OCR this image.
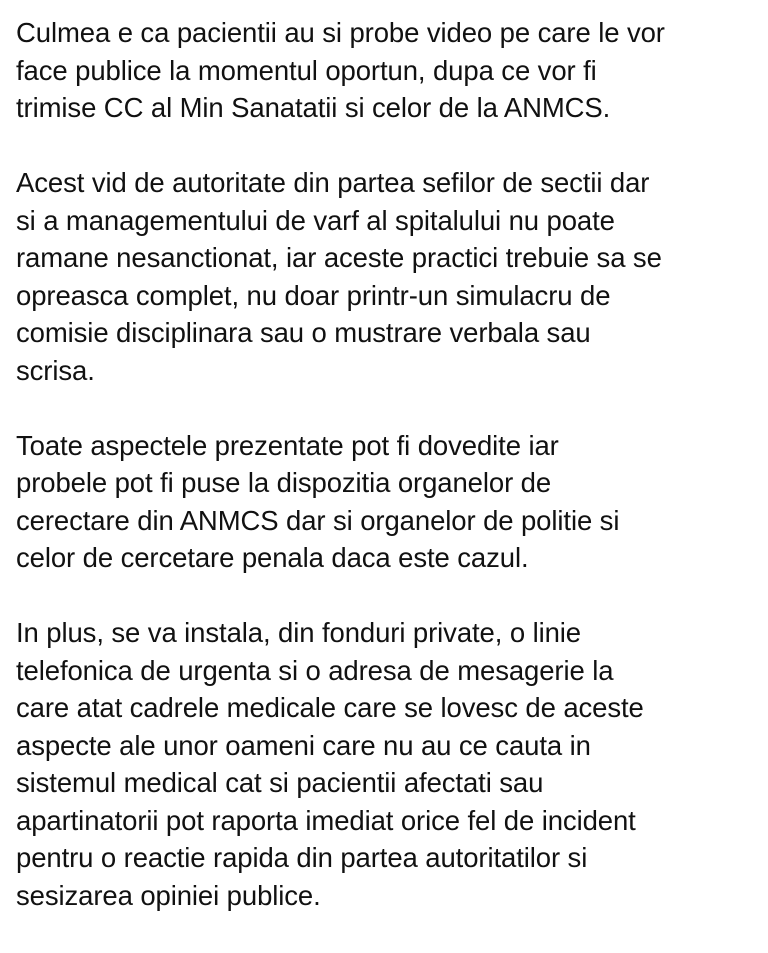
Culmea e ca pacientii au si probe video pe care le vor
face publice la momentul oportun, dupa ce vor fi
trimise CC al Min Sanatatii si celor de la ANMCS.

Acest vid de autoritate din partea sefilor de sectii dar
si a managementului de varf al spitalului nu poate
ramane nesanctionat, iar aceste practici trebuie sa se
opreasca complet, nu doar printr-un simulacru de
comisie disciplinara sau o mustrare verbala sau
scrisa.

Toate aspectele prezentate pot fi dovedite iar
probele pot fi puse la dispozitia organelor de
cerectare din ANMCS dar si organelor de politie si
celor de cercetare penala daca este cazul.

In plus, se va instala, din fonduri private, o linie
telefonica de urgenta si o adresa de mesagerie la
care atat cadrele medicale care se lovesc de aceste
aspecte ale unor oameni care nu au ce cauta in
sistemul medical cat si pacientii afectati sau
apartinatorii pot raporta imediat orice fel de incident
pentru o reactie rapida din partea autoritatilor si
sesizarea opiniei publice.
